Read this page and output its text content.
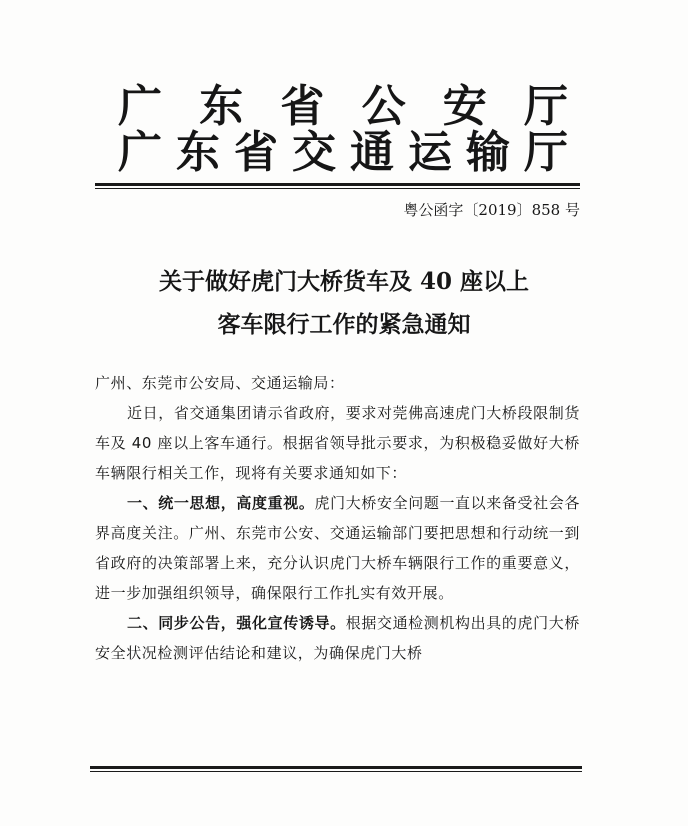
广 东 省 公 安 厅
广东省交通运输厅
粤公函字〔2019〕858 号
关于做好虎门大桥货车及 40 座以上
客车限行工作的紧急通知

广州、东莞市公安局、交通运输局：

近日，省交通集团请示省政府，要求对莞佛高速虎门大桥段限制货车及 40 座以上客车通行。根据省领导批示要求，为积极稳妥做好大桥车辆限行相关工作，现将有关要求通知如下：

一、统一思想，高度重视。虎门大桥安全问题一直以来备受社会各界高度关注。广州、东莞市公安、交通运输部门要把思想和行动统一到省政府的决策部署上来，充分认识虎门大桥车辆限行工作的重要意义，进一步加强组织领导，确保限行工作扎实有效开展。

二、同步公告，强化宣传诱导。根据交通检测机构出具的虎门大桥安全状况检测评估结论和建议，为确保虎门大桥
